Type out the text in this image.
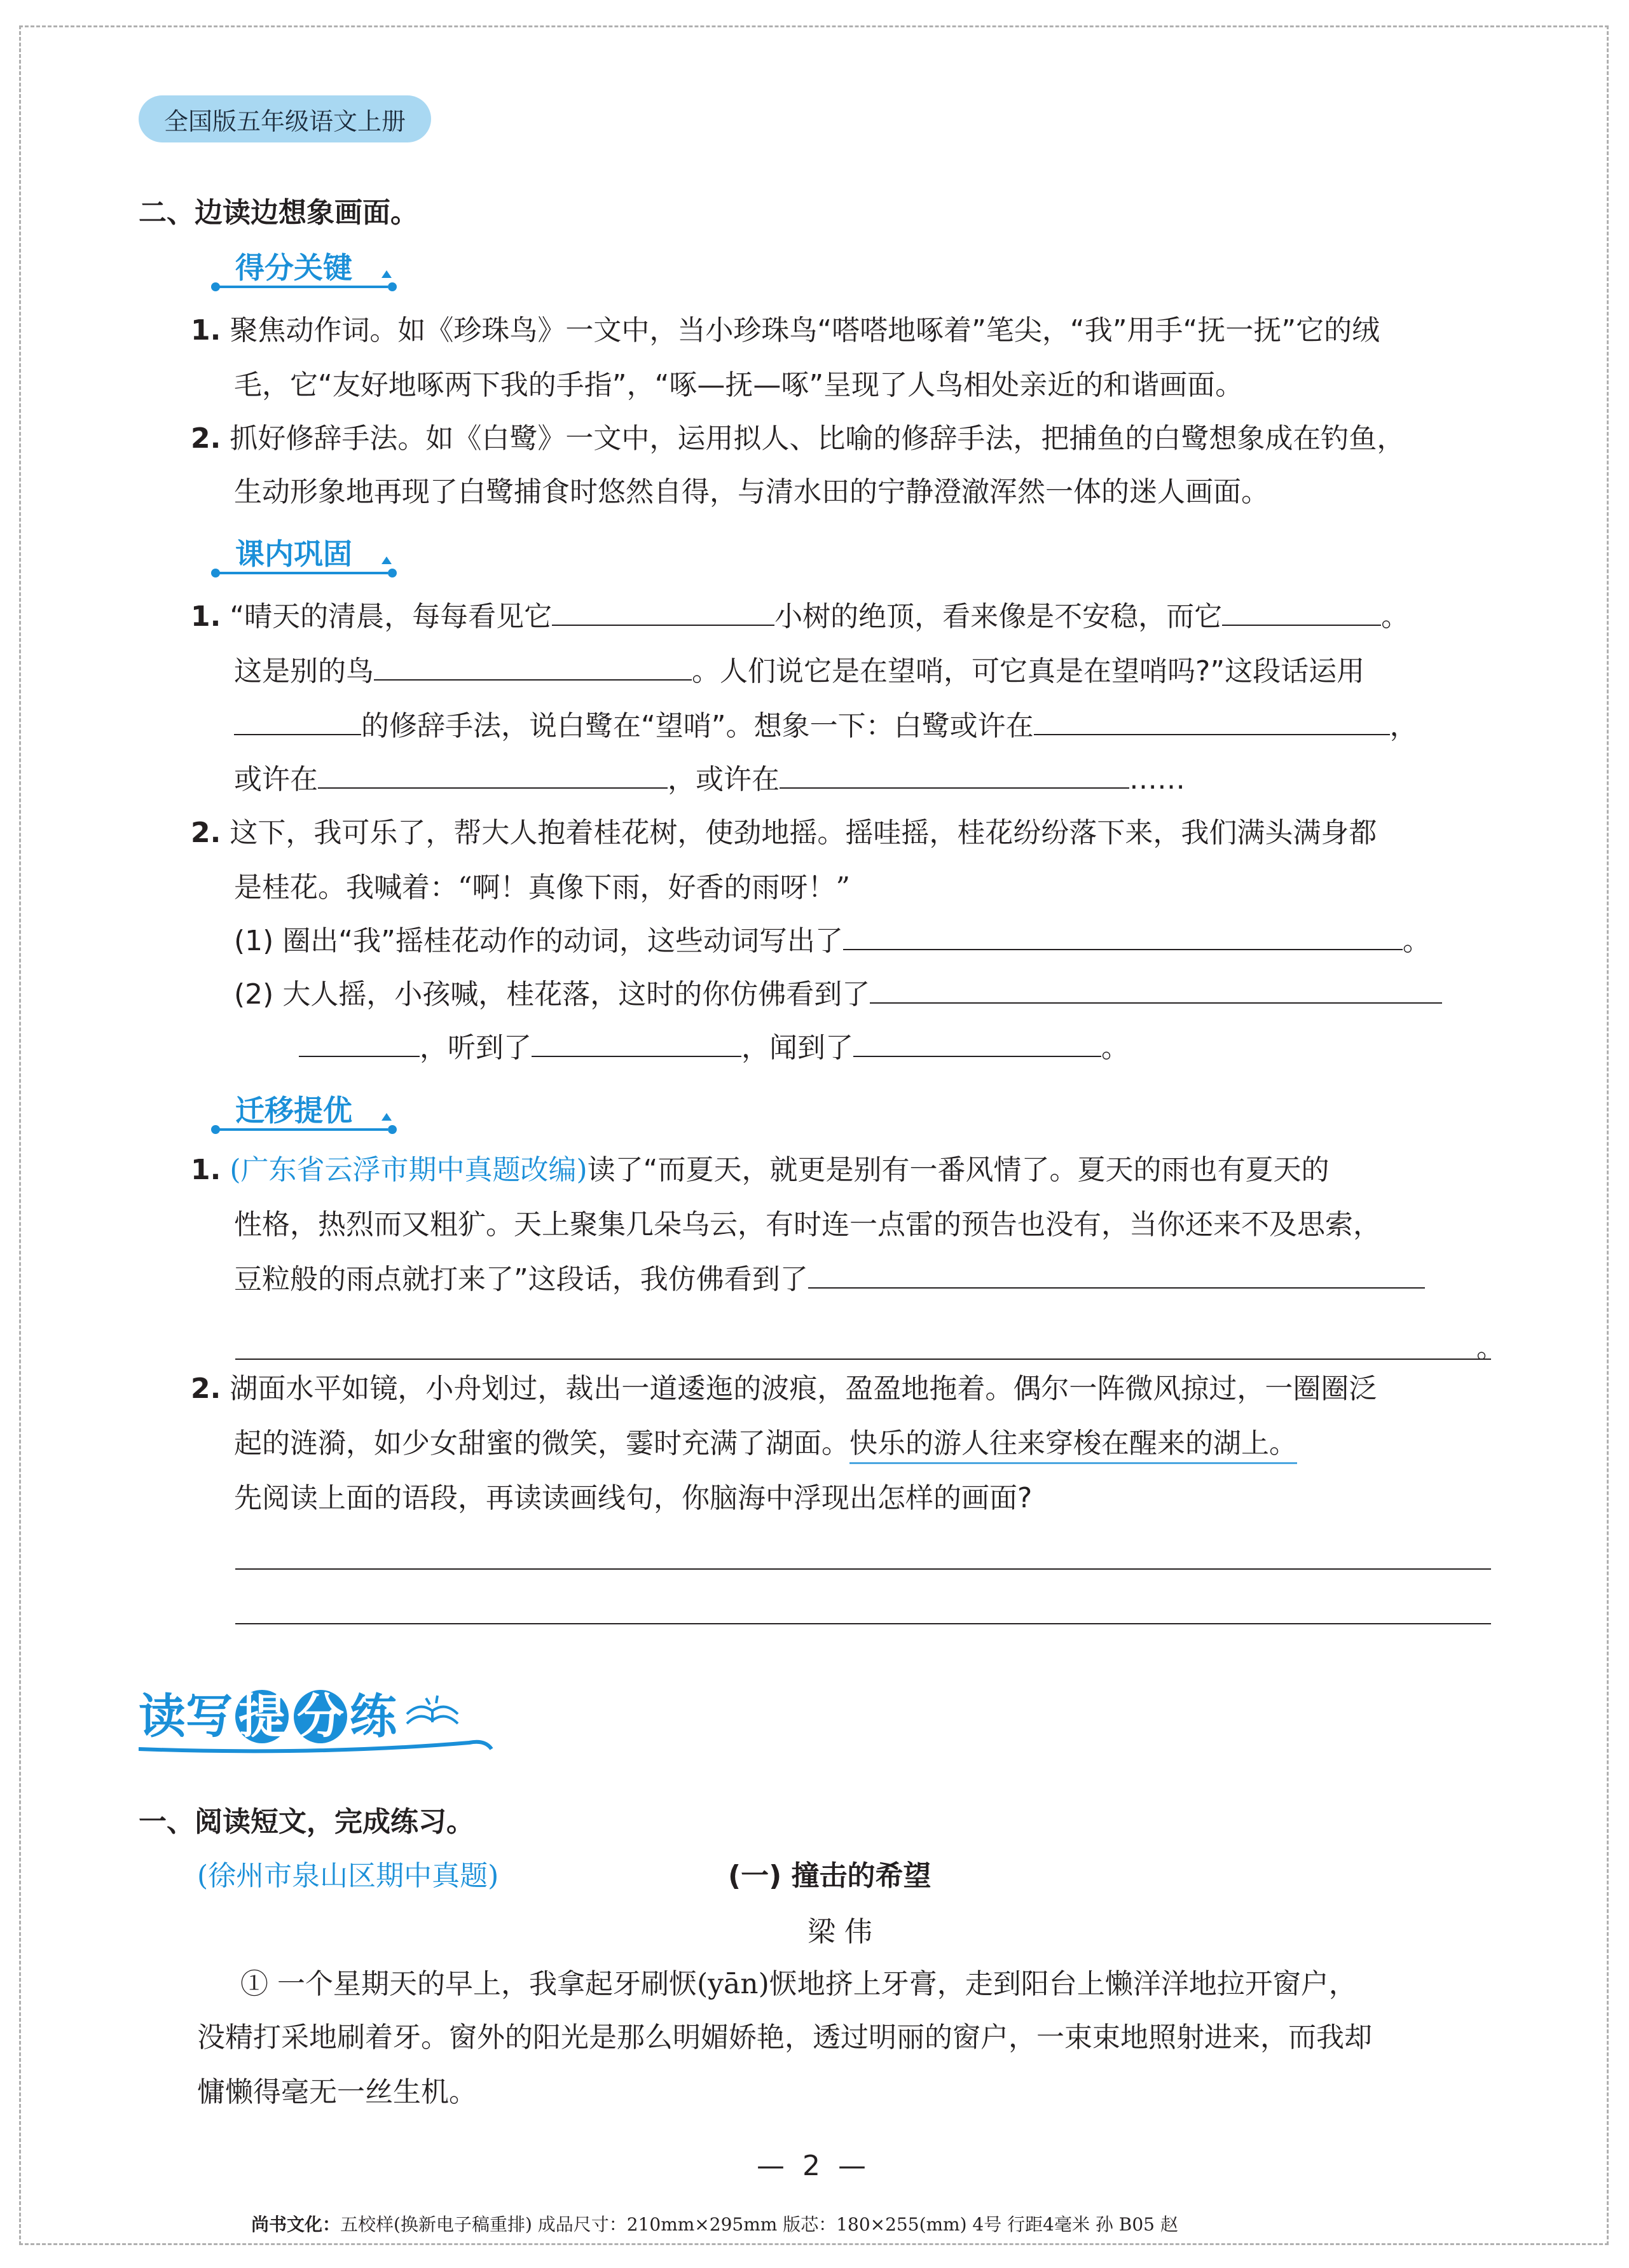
全国版五年级语文上册
二、边读边想象画面。
得分关键
1. 聚焦动作词。如《珍珠鸟》一文中，当小珍珠鸟“嗒嗒地啄着”笔尖，“我”用手“抚一抚”它的绒
毛，它“友好地啄两下我的手指”，“啄—抚—啄”呈现了人鸟相处亲近的和谐画面。
2. 抓好修辞手法。如《白鹭》一文中，运用拟人、比喻的修辞手法，把捕鱼的白鹭想象成在钓鱼，
生动形象地再现了白鹭捕食时悠然自得，与清水田的宁静澄澈浑然一体的迷人画面。
课内巩固
1. “晴天的清晨，每每看见它	小树的绝顶，看来像是不安稳，而它	。
这是别的鸟	。人们说它是在望哨，可它真是在望哨吗?”这段话运用
的修辞手法，说白鹭在“望哨”。想象一下：白鹭或许在	，
或许在	，或许在	……
2. 这下，我可乐了，帮大人抱着桂花树，使劲地摇。摇哇摇，桂花纷纷落下来，我们满头满身都
是桂花。我喊着：“啊！真像下雨，好香的雨呀！”
(1) 圈出“我”摇桂花动作的动词，这些动词写出了	。
(2) 大人摇，小孩喊，桂花落，这时的你仿佛看到了
，听到了	，闻到了	。
迁移提优
1. (广东省云浮市期中真题改编)读了“而夏天，就更是别有一番风情了。夏天的雨也有夏天的
性格，热烈而又粗犷。天上聚集几朵乌云，有时连一点雷的预告也没有，当你还来不及思索，
豆粒般的雨点就打来了”这段话，我仿佛看到了
。
2. 湖面水平如镜，小舟划过，裁出一道逶迤的波痕，盈盈地拖着。偶尔一阵微风掠过，一圈圈泛
起的涟漪，如少女甜蜜的微笑，霎时充满了湖面。快乐的游人往来穿梭在醒来的湖上。
先阅读上面的语段，再读读画线句，你脑海中浮现出怎样的画面?
读写 提 分 练
一、阅读短文，完成练习。
(徐州市泉山区期中真题)	(一) 撞击的希望
梁 伟
① 一个星期天的早上，我拿起牙刷恹(yān)恹地挤上牙膏，走到阳台上懒洋洋地拉开窗户，
没精打采地刷着牙。窗外的阳光是那么明媚娇艳，透过明丽的窗户，一束束地照射进来，而我却
慵懒得毫无一丝生机。
—  2  —
尚书文化：五校样(换新电子稿重排) 成品尺寸：210mm×295mm 版芯：180×255(mm) 4号 行距4毫米 孙 B05 赵
